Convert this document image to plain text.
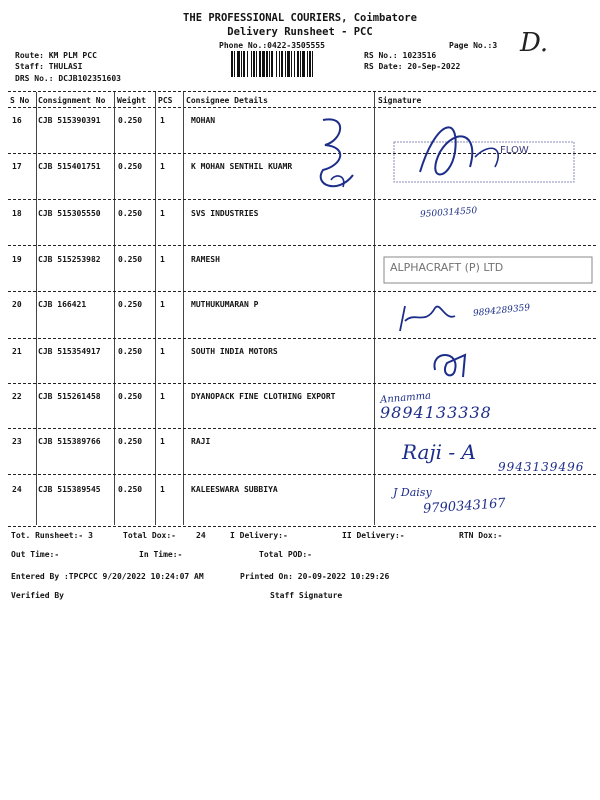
THE PROFESSIONAL COURIERS, Coimbatore
Delivery Runsheet - PCC
Phone No.:0422-3505555	Page No.:3 D.
Route: KM PLM PCC
Staff: THULASI
DRS No.: DCJB102351603
RS No.: 1023516
RS Date: 20-Sep-2022
S No Consignment No Weight PCS Consignee Details	Signature
16 CJB 515390391 0.250 1	MOHAN
17 CJB 515401751 0.250 1	K MOHAN SENTHIL KUAMR
18 CJB 515305550 0.250 1	SVS INDUSTRIES
19 CJB 515253982 0.250 1	RAMESH
20 CJB 166421	0.250 1	MUTHUKUMARAN P
21 CJB 515354917 0.250 1	SOUTH INDIA MOTORS
22 CJB 515261458 0.250 1	DYANOPACK FINE CLOTHING EXPORT
23 CJB 515389766 0.250 1	RAJI
24 CJB 515389545 0.250 1	KALEESWARA SUBBIYA
FLOW
9500314550
ALPHACRAFT (P) LTD
9894289359
Annamma
9894133338
Raji - A
9943139496
J Daisy
9790343167
Tot. Runsheet:- 3	Total Dox:-	24	I Delivery:-	II Delivery:-	RTN Dox:-
Out Time:-	In Time:-	Total POD:-
Entered By :TPCPCC 9/20/2022 10:24:07 AM	Printed On: 20-09-2022 10:29:26
Verified By	Staff Signature
